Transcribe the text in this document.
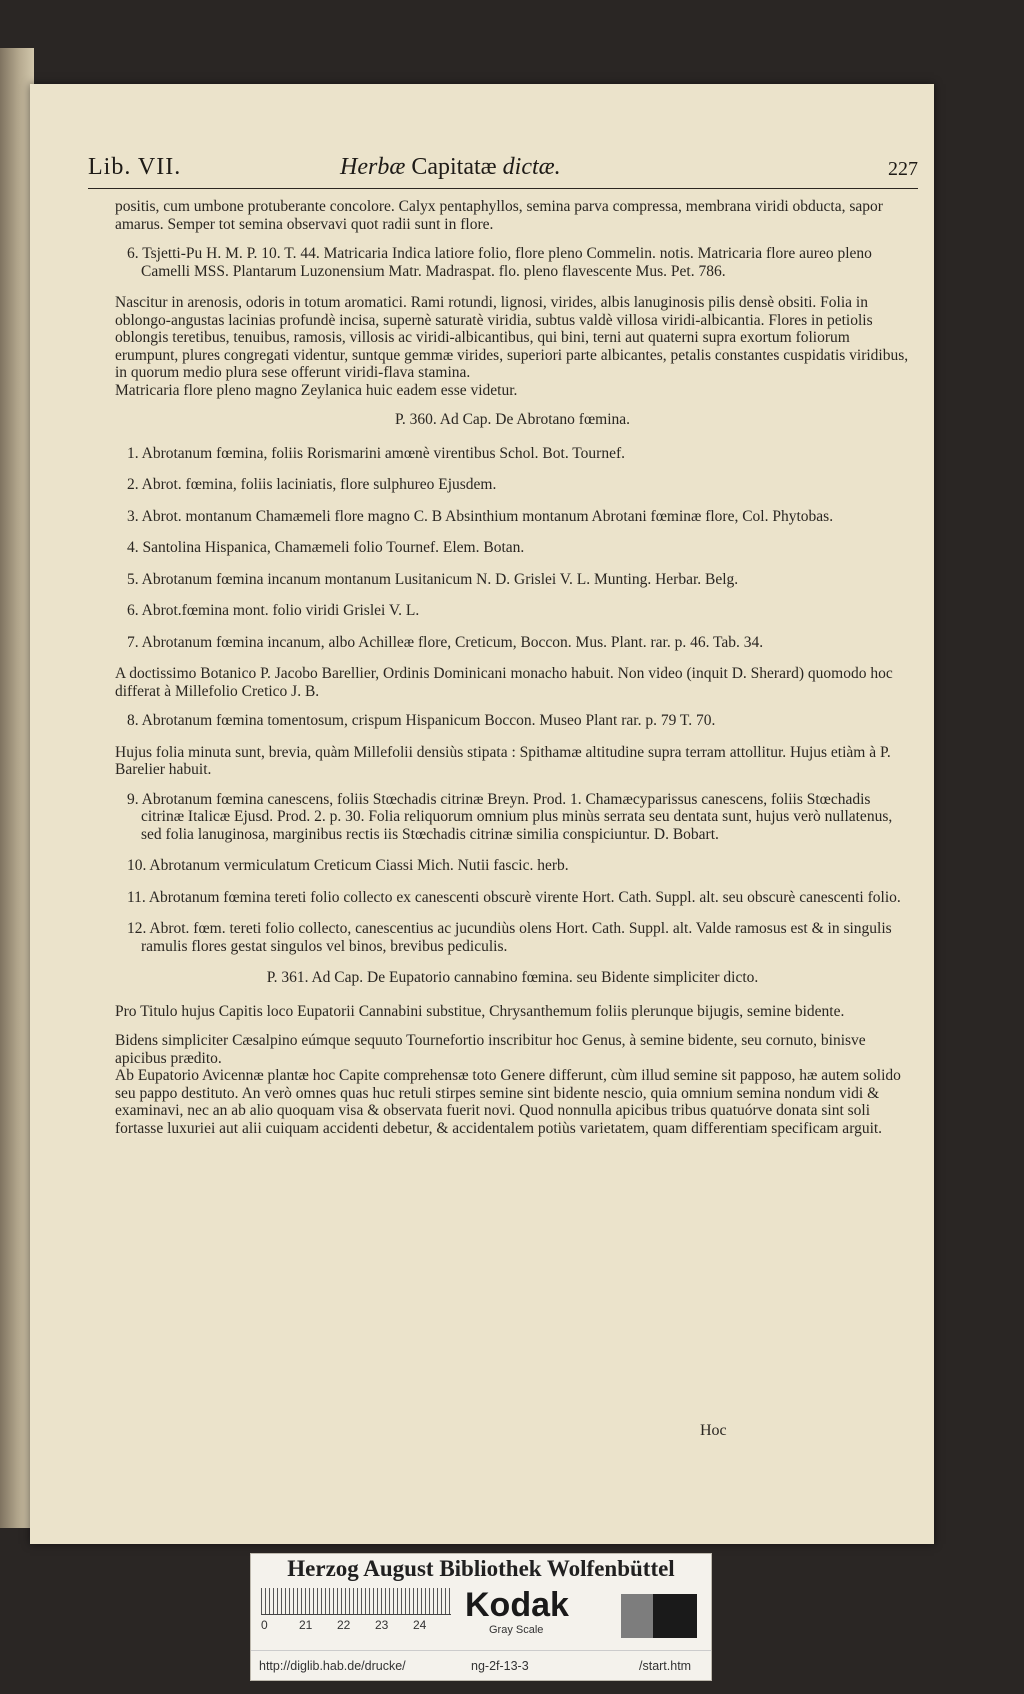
Lib. VII.	Herbæ Capitatæ dictæ.	227

positis, cum umbone protuberante concolore. Calyx pentaphyllos, semina parva compressa, membrana viridi obducta, sapor amarus. Semper tot semina observavi quot radii sunt in flore.

6. Tsjetti-Pu H. M. P. 10. T. 44. Matricaria Indica latiore folio, flore pleno Commelin. notis. Matricaria flore aureo pleno Camelli MSS. Plantarum Luzonensium Matr. Madraspat. flo. pleno flavescente Mus. Pet. 786.

Nascitur in arenosis, odoris in totum aromatici. Rami rotundi, lignosi, virides, albis lanuginosis pilis densè obsiti. Folia in oblongo-angustas lacinias profundè incisa, supernè saturatè viridia, subtus valdè villosa viridi-albicantia. Flores in petiolis oblongis teretibus, tenuibus, ramosis, villosis ac viridi-albicantibus, qui bini, terni aut quaterni supra exortum foliorum erumpunt, plures congregati videntur, suntque gemmæ virides, superiori parte albicantes, petalis constantes cuspidatis viridibus, in quorum medio plura sese offerunt viridi-flava stamina.
Matricaria flore pleno magno Zeylanica huic eadem esse videtur.

P. 360. Ad Cap. De Abrotano fœmina.

1. Abrotanum fœmina, foliis Rorismarini amœnè virentibus Schol. Bot. Tournef.

2. Abrot. fœmina, foliis laciniatis, flore sulphureo Ejusdem.

3. Abrot. montanum Chamæmeli flore magno C. B Absinthium montanum Abrotani fœminæ flore, Col. Phytobas.

4. Santolina Hispanica, Chamæmeli folio Tournef. Elem. Botan.

5. Abrotanum fœmina incanum montanum Lusitanicum N. D. Grislei V. L. Munting. Herbar. Belg.

6. Abrot.fœmina mont. folio viridi Grislei V. L.

7. Abrotanum fœmina incanum, albo Achilleæ flore, Creticum, Boccon. Mus. Plant. rar. p. 46. Tab. 34.

A doctissimo Botanico P. Jacobo Barellier, Ordinis Dominicani monacho habuit. Non video (inquit D. Sherard) quomodo hoc differat à Millefolio Cretico J. B.

8. Abrotanum fœmina tomentosum, crispum Hispanicum Boccon. Museo Plant rar. p. 79 T. 70.

Hujus folia minuta sunt, brevia, quàm Millefolii densiùs stipata : Spithamæ altitudine supra terram attollitur. Hujus etiàm à P. Barelier habuit.

9. Abrotanum fœmina canescens, foliis Stœchadis citrinæ Breyn. Prod. 1. Chamæcyparissus canescens, foliis Stœchadis citrinæ Italicæ Ejusd. Prod. 2. p. 30. Folia reliquorum omnium plus minùs serrata seu dentata sunt, hujus verò nullatenus, sed folia lanuginosa, marginibus rectis iis Stœchadis citrinæ similia conspiciuntur. D. Bobart.

10. Abrotanum vermiculatum Creticum Ciassi Mich. Nutii fascic. herb.

11. Abrotanum fœmina tereti folio collecto ex canescenti obscurè virente Hort. Cath. Suppl. alt. seu obscurè canescenti folio.

12. Abrot. fœm. tereti folio collecto, canescentius ac jucundiùs olens Hort. Cath. Suppl. alt. Valde ramosus est & in singulis ramulis flores gestat singulos vel binos, brevibus pediculis.

P. 361. Ad Cap. De Eupatorio cannabino fœmina. seu Bidente simpliciter dicto.

Pro Titulo hujus Capitis loco Eupatorii Cannabini substitue, Chrysanthemum foliis plerunque bijugis, semine bidente.

Bidens simpliciter Cæsalpino eúmque sequuto Tournefortio inscribitur hoc Genus, à semine bidente, seu cornuto, binisve apicibus prædito.
Ab Eupatorio Avicennæ plantæ hoc Capite comprehensæ toto Genere differunt, cùm illud semine sit papposo, hæ autem solido seu pappo destituto. An verò omnes quas huc retuli stirpes semine sint bidente nescio, quia omnium semina nondum vidi & examinavi, nec an ab alio quoquam visa & observata fuerit novi. Quod nonnulla apicibus tribus quatuórve donata sint soli fortasse luxuriei aut alii cuiquam accidenti debetur, & accidentalem potiùs varietatem, quam differentiam specificam arguit.

Hoc
Herzog August Bibliothek Wolfenbüttel
0	21 22 23 24
Kodak
Gray Scale
http://diglib.hab.de/drucke/	ng-2f-13-3	/start.htm
